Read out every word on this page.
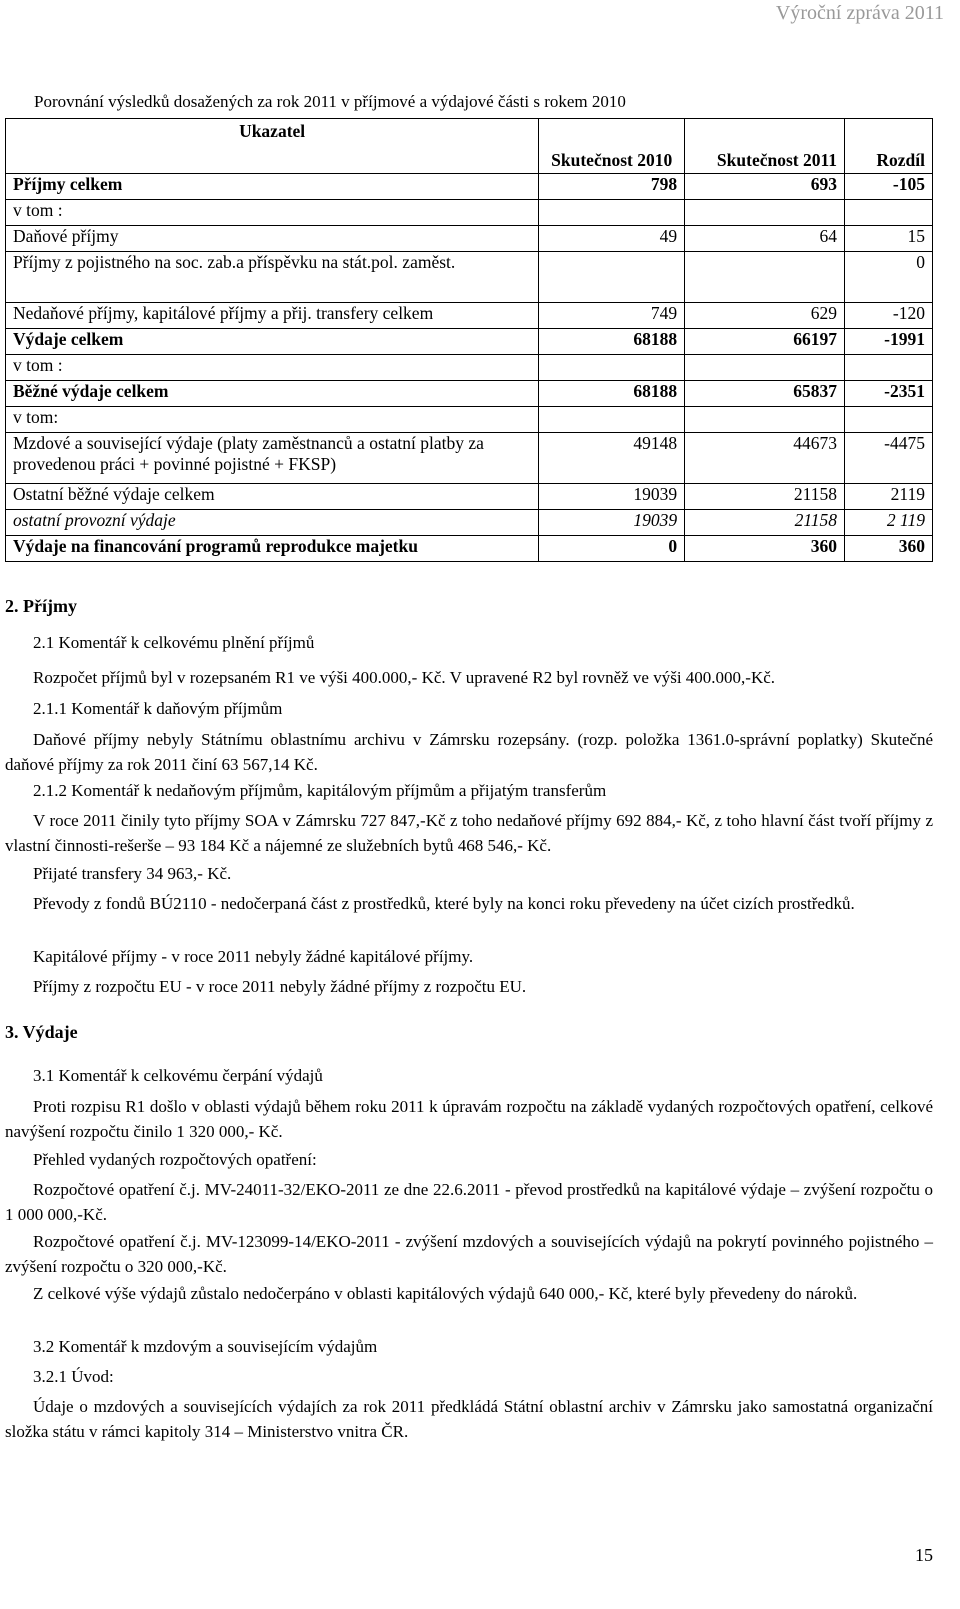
Výroční zpráva 2011
Porovnání výsledků dosažených za rok 2011 v příjmové a výdajové části s rokem 2010
Ukazatel	Skutečnost 2010	Skutečnost 2011	Rozdíl
Příjmy celkem	798	693	-105
v tom :			
Daňové příjmy	49	64	15
Příjmy z pojistného na soc. zab.a příspěvku na stát.pol. zaměst.			0
Nedaňové příjmy, kapitálové příjmy a přij. transfery celkem	749	629	-120
Výdaje celkem	68188	66197	-1991
v tom :			
Běžné výdaje celkem	68188	65837	-2351
v tom:			
Mzdové a související výdaje (platy zaměstnanců a ostatní platby za provedenou práci + povinné pojistné + FKSP)	49148	44673	-4475
Ostatní běžné výdaje celkem	19039	21158	2119
ostatní provozní výdaje	19039	21158	2 119
Výdaje na financování programů reprodukce majetku	0	360	360
2. Příjmy
2.1 Komentář k celkovému plnění příjmů
Rozpočet příjmů byl v rozepsaném R1 ve výši 400.000,- Kč. V upravené R2 byl rovněž ve výši 400.000,-Kč.
2.1.1 Komentář k daňovým příjmům
Daňové příjmy nebyly Státnímu oblastnímu archivu v Zámrsku rozepsány. (rozp. položka 1361.0-správní poplatky) Skutečné daňové příjmy za rok 2011 činí 63 567,14 Kč.
2.1.2 Komentář k nedaňovým příjmům, kapitálovým příjmům a přijatým transferům
V roce 2011 činily tyto příjmy SOA v Zámrsku 727 847,-Kč z toho nedaňové příjmy 692 884,- Kč, z toho hlavní část tvoří příjmy z vlastní činnosti-rešerše – 93 184 Kč a nájemné ze služebních bytů 468 546,- Kč.
Přijaté transfery 34 963,- Kč.
Převody z fondů BÚ2110 - nedočerpaná část z prostředků, které byly na konci roku převedeny na účet cizích prostředků.
Kapitálové příjmy - v roce 2011 nebyly žádné kapitálové příjmy.
Příjmy z rozpočtu EU - v roce 2011 nebyly žádné příjmy z rozpočtu EU.
3. Výdaje
3.1 Komentář k celkovému čerpání výdajů
Proti rozpisu R1 došlo v oblasti výdajů během roku 2011 k úpravám rozpočtu na základě vydaných rozpočtových opatření, celkové navýšení rozpočtu činilo 1 320 000,- Kč.
Přehled vydaných rozpočtových opatření:
Rozpočtové opatření č.j. MV-24011-32/EKO-2011 ze dne 22.6.2011 - převod prostředků na kapitálové výdaje – zvýšení rozpočtu o 1 000 000,-Kč.
Rozpočtové opatření č.j. MV-123099-14/EKO-2011 - zvýšení mzdových a souvisejících výdajů na pokrytí povinného pojistného – zvýšení rozpočtu o 320 000,-Kč.
Z celkové výše výdajů zůstalo nedočerpáno v oblasti kapitálových výdajů 640 000,- Kč, které byly převedeny do nároků.
3.2 Komentář k mzdovým a souvisejícím výdajům
3.2.1 Úvod:
Údaje o mzdových a souvisejících výdajích za rok 2011 předkládá Státní oblastní archiv v Zámrsku jako samostatná organizační složka státu v rámci kapitoly 314 – Ministerstvo vnitra ČR.
15
